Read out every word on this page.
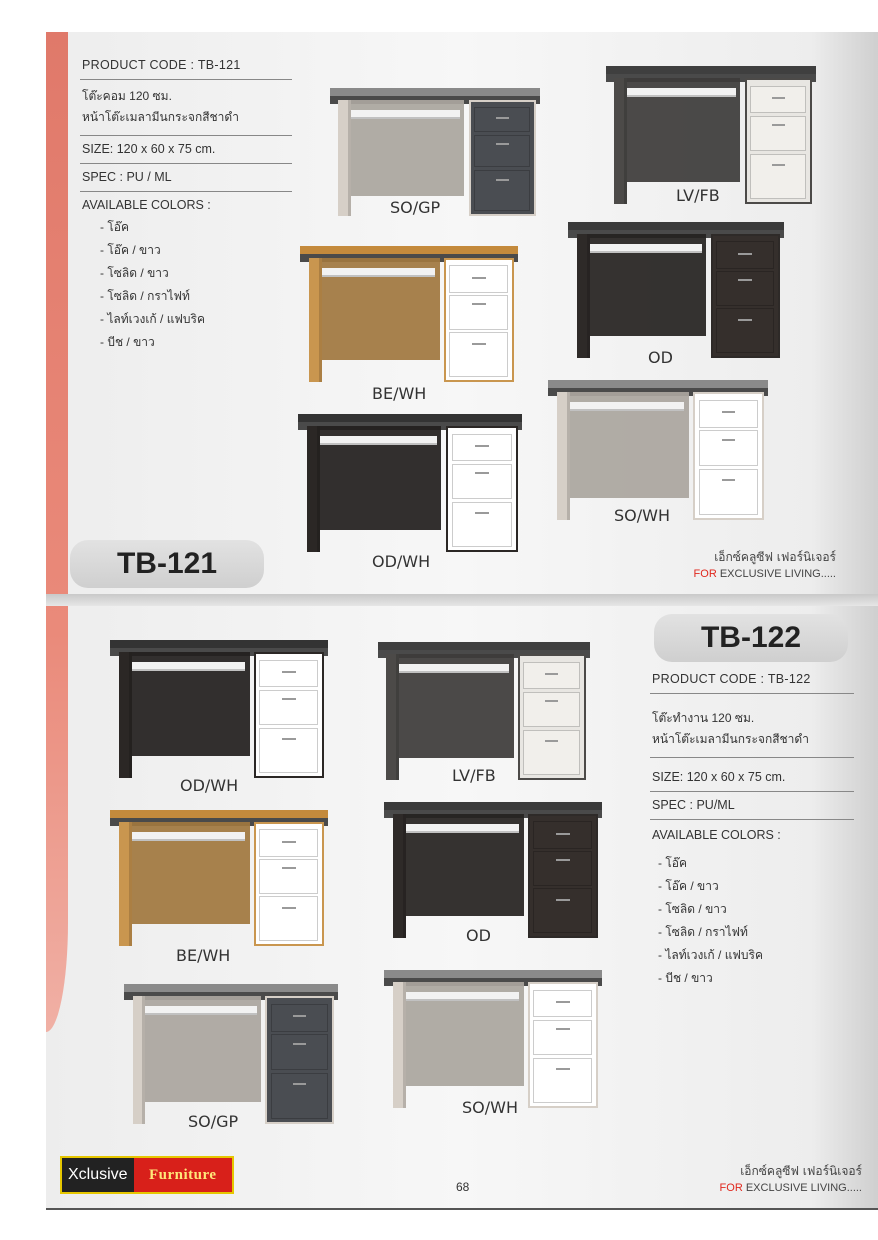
PRODUCT CODE : TB-121
โต๊ะคอม 120 ซม.
หน้าโต๊ะเมลามีนกระจกสีชาดำ
SIZE: 120 x 60 x 75 cm.
SPEC : PU / ML
AVAILABLE COLORS :
- โอ๊ค
- โอ๊ค / ขาว
- โซลิด / ขาว
- โซลิด / กราไฟท์
- ไลท์เวงเก้ / แฟบริค
- บีช / ขาว
TB-121
SO/GP
LV/FB
BE/WH
OD
OD/WH
SO/WH
เอ็กซ์คลูซีฟ เฟอร์นิเจอร์
FOR EXCLUSIVE LIVING.....
TB-122
PRODUCT CODE : TB-122
โต๊ะทำงาน 120 ซม.
หน้าโต๊ะเมลามีนกระจกสีชาดำ
SIZE: 120 x 60 x 75 cm.
SPEC : PU/ML
AVAILABLE COLORS :
- โอ๊ค
- โอ๊ค / ขาว
- โซลิด / ขาว
- โซลิด / กราไฟท์
- ไลท์เวงเก้ / แฟบริค
- บีช / ขาว
OD/WH
LV/FB
BE/WH
OD
SO/GP
SO/WH
Xclusive	Furniture
68
เอ็กซ์คลูซีฟ เฟอร์นิเจอร์
FOR EXCLUSIVE LIVING.....
